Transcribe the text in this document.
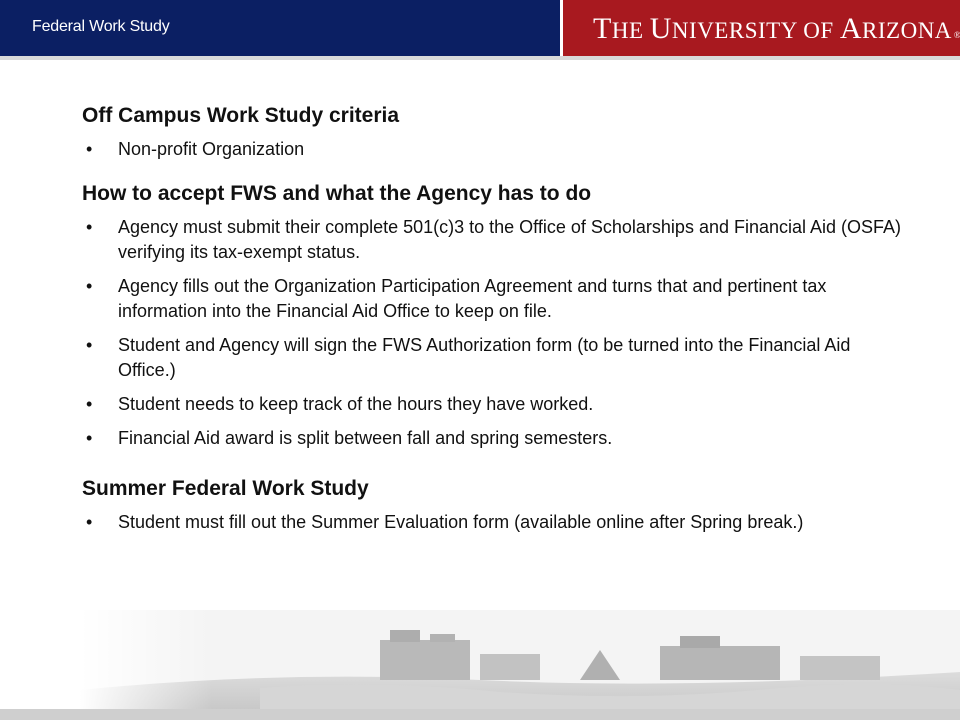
Federal Work Study	THE UNIVERSITY OF ARIZONA ®
Off Campus Work Study criteria
• Non-profit Organization
How to accept FWS and what the Agency has to do
• Agency must submit their complete 501(c)3 to the Office of Scholarships and Financial Aid (OSFA) verifying its tax-exempt status.
• Agency fills out the Organization Participation Agreement and turns that and pertinent tax information into the Financial Aid Office to keep on file.
• Student and Agency will sign the FWS Authorization form (to be turned into the Financial Aid Office.)
• Student needs to keep track of the hours they have worked.
• Financial Aid award is split between fall and spring semesters.
Summer Federal Work Study
• Student must fill out the Summer Evaluation form (available online after Spring break.)
